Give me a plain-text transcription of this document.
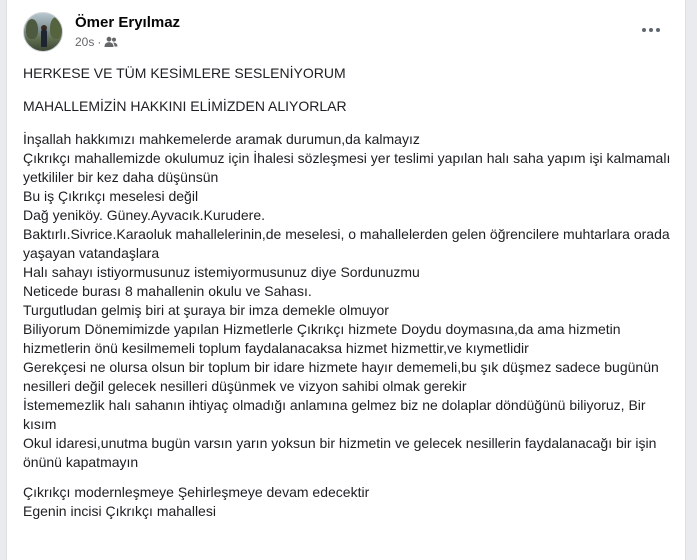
Ömer Eryılmaz
20s ·

HERKESE VE TÜM KESİMLERE SESLENİYORUM

MAHALLEMİZİN HAKKINI ELİMİZDEN ALIYORLAR

İnşallah hakkımızı mahkemelerde aramak durumun,da kalmayız
Çıkrıkçı mahallemizde okulumuz için İhalesi sözleşmesi yer teslimi yapılan halı saha yapım işi kalmamalı
yetkililer bir kez daha düşünsün
Bu iş Çıkrıkçı meselesi değil
Dağ yeniköy. Güney.Ayvacık.Kurudere.
Baktırlı.Sivrice.Karaoluk mahallelerinin,de meselesi, o mahallelerden gelen öğrencilere muhtarlara orada yaşayan vatandaşlara
Halı sahayı istiyormusunuz istemiyormusunuz diye Sordunuzmu
Neticede burası 8 mahallenin okulu ve Sahası.
Turgutludan gelmiş biri at şuraya bir imza demekle olmuyor
Biliyorum Dönemimizde yapılan Hizmetlerle Çıkrıkçı hizmete Doydu doymasına,da ama hizmetin hizmetlerin önü kesilmemeli toplum faydalanacaksa hizmet hizmettir,ve kıymetlidir
Gerekçesi ne olursa olsun bir toplum bir idare hizmete hayır dememeli,bu şık düşmez sadece bugünün nesilleri değil gelecek nesilleri düşünmek ve vizyon sahibi olmak gerekir
İstememezlik halı sahanın ihtiyaç olmadığı anlamına gelmez biz ne dolaplar döndüğünü biliyoruz, Bir kısım
Okul idaresi,unutma bugün varsın yarın yoksun bir hizmetin ve gelecek nesillerin faydalanacağı bir işin önünü kapatmayın

Çıkrıkçı modernleşmeye Şehirleşmeye devam edecektir
Egenin incisi Çıkrıkçı mahallesi
